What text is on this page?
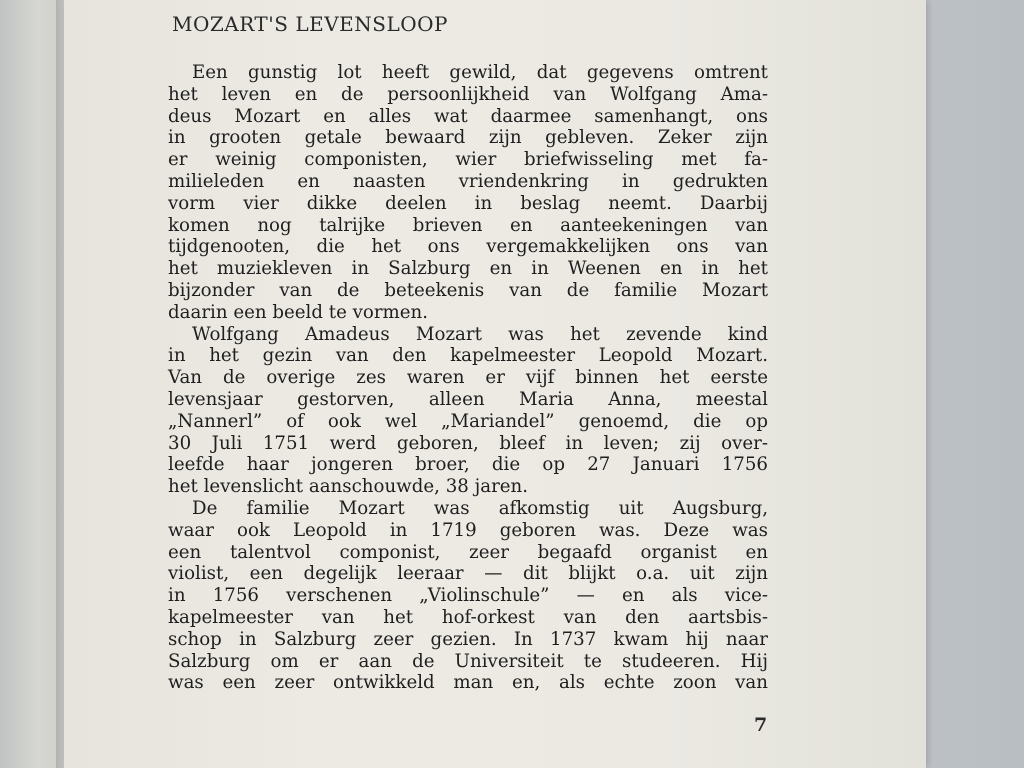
MOZART'S LEVENSLOOP
Een gunstig lot heeft gewild, dat gegevens omtrent
het leven en de persoonlijkheid van Wolfgang Ama-
deus Mozart en alles wat daarmee samenhangt, ons
in grooten getale bewaard zijn gebleven. Zeker zijn
er weinig componisten, wier briefwisseling met fa-
milieleden en naasten vriendenkring in gedrukten
vorm vier dikke deelen in beslag neemt. Daarbij
komen nog talrijke brieven en aanteekeningen van
tijdgenooten, die het ons vergemakkelijken ons van
het muziekleven in Salzburg en in Weenen en in het
bijzonder van de beteekenis van de familie Mozart
daarin een beeld te vormen.
Wolfgang Amadeus Mozart was het zevende kind
in het gezin van den kapelmeester Leopold Mozart.
Van de overige zes waren er vijf binnen het eerste
levensjaar gestorven, alleen Maria Anna, meestal
„Nannerl” of ook wel „Mariandel” genoemd, die op
30 Juli 1751 werd geboren, bleef in leven; zij over-
leefde haar jongeren broer, die op 27 Januari 1756
het levenslicht aanschouwde, 38 jaren.
De familie Mozart was afkomstig uit Augsburg,
waar ook Leopold in 1719 geboren was. Deze was
een talentvol componist, zeer begaafd organist en
violist, een degelijk leeraar — dit blijkt o.a. uit zijn
in 1756 verschenen „Violinschule” — en als vice-
kapelmeester van het hof-orkest van den aartsbis-
schop in Salzburg zeer gezien. In 1737 kwam hij naar
Salzburg om er aan de Universiteit te studeeren. Hij
was een zeer ontwikkeld man en, als echte zoon van
7
